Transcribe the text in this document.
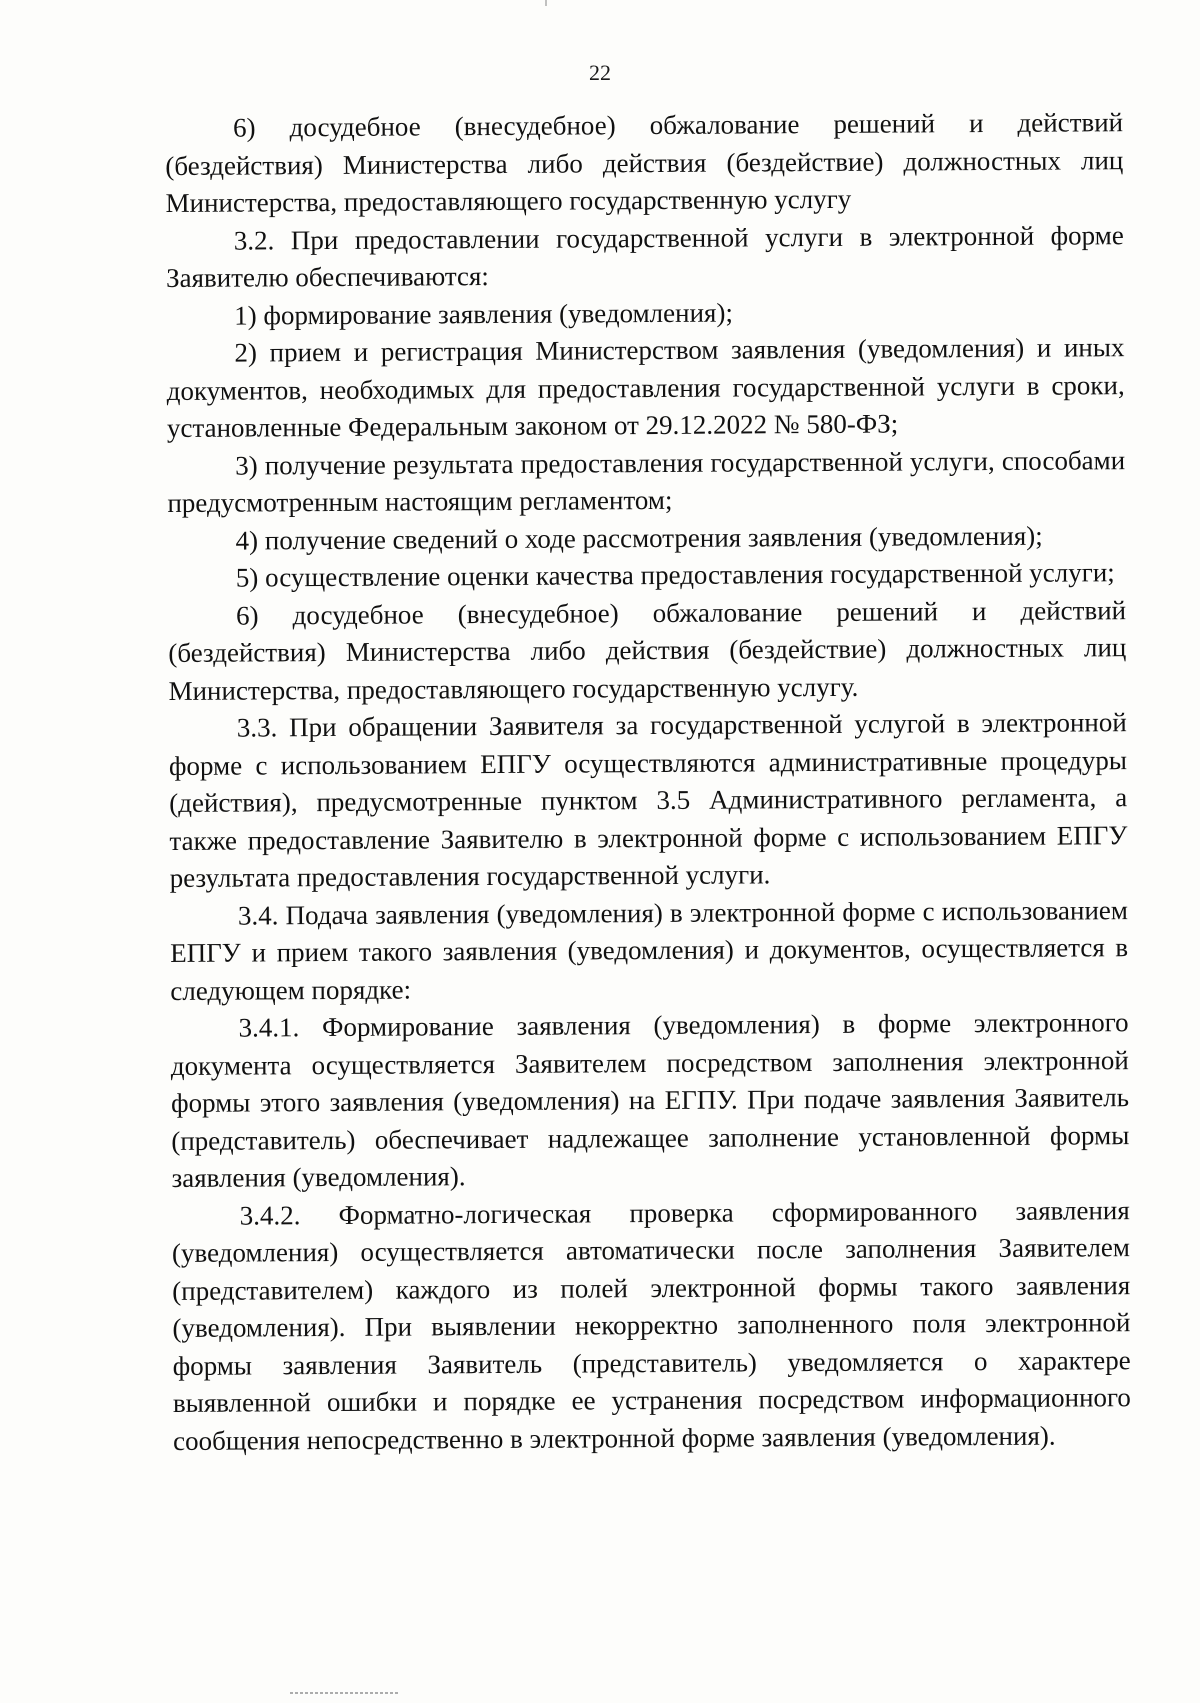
22

6) досудебное (внесудебное) обжалование решений и действий (бездействия) Министерства либо действия (бездействие) должностных лиц Министерства, предоставляющего государственную услугу

3.2. При предоставлении государственной услуги в электронной форме Заявителю обеспечиваются:

1) формирование заявления (уведомления);

2) прием и регистрация Министерством заявления (уведомления) и иных документов, необходимых для предоставления государственной услуги в сроки, установленные Федеральным законом от 29.12.2022 № 580-ФЗ;

3) получение результата предоставления государственной услуги, способами предусмотренным настоящим регламентом;

4) получение сведений о ходе рассмотрения заявления (уведомления);

5) осуществление оценки качества предоставления государственной услуги;

6) досудебное (внесудебное) обжалование решений и действий (бездействия) Министерства либо действия (бездействие) должностных лиц Министерства, предоставляющего государственную услугу.

3.3. При обращении Заявителя за государственной услугой в электронной форме с использованием ЕПГУ осуществляются административные процедуры (действия), предусмотренные пунктом 3.5 Административного регламента, а также предоставление Заявителю в электронной форме с использованием ЕПГУ результата предоставления государственной услуги.

3.4. Подача заявления (уведомления) в электронной форме с использованием ЕПГУ и прием такого заявления (уведомления) и документов, осуществляется в следующем порядке:

3.4.1. Формирование заявления (уведомления) в форме электронного документа осуществляется Заявителем посредством заполнения электронной формы этого заявления (уведомления) на ЕГПУ. При подаче заявления Заявитель (представитель) обеспечивает надлежащее заполнение установленной формы заявления (уведомления).

3.4.2. Форматно-логическая проверка сформированного заявления (уведомления) осуществляется автоматически после заполнения Заявителем (представителем) каждого из полей электронной формы такого заявления (уведомления). При выявлении некорректно заполненного поля электронной формы заявления Заявитель (представитель) уведомляется о характере выявленной ошибки и порядке ее устранения посредством информационного сообщения непосредственно в электронной форме заявления (уведомления).
